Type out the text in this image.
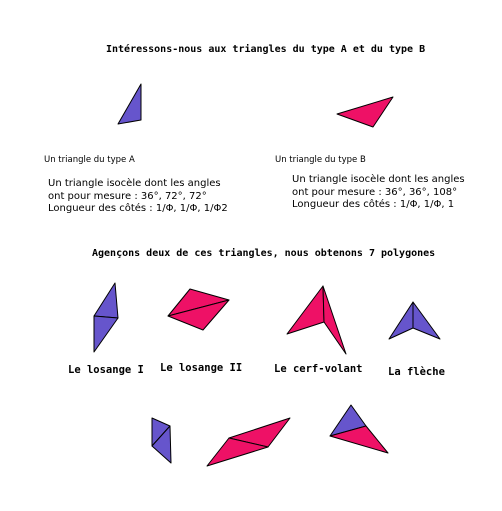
Intéressons-nous aux triangles du type A et du type B
Un triangle du type A
Un triangle isocèle dont les angles
ont pour mesure : 36°, 72°, 72°
Longueur des côtés : 1/Φ, 1/Φ, 1/Φ2
Un triangle du type B
Un triangle isocèle dont les angles
ont pour mesure : 36°, 36°, 108°
Longueur des côtés : 1/Φ, 1/Φ, 1
Agençons deux de ces triangles, nous obtenons 7 polygones
Le losange I Le losange II	Le cerf-volant La flèche
